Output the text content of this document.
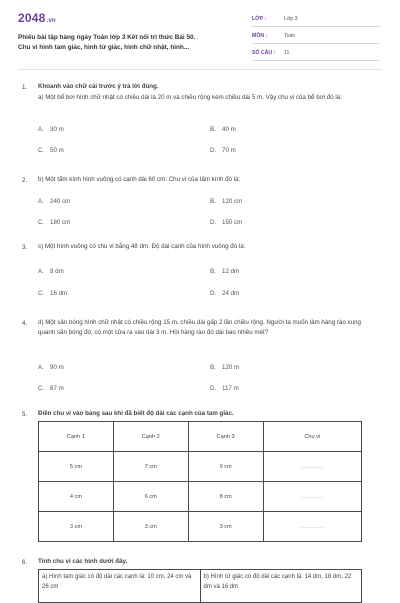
2048.vn
Phiếu bài tập hàng ngày Toán lớp 3 Kết nối tri thức Bài 50.
Chu vi hình tam giác, hình tứ giác, hình chữ nhật, hình...
LỚP :	Lớp 3
MÔN :	Toán
SỐ CÂU : 11
1. Khoanh vào chữ cái trước ý trả lời đúng.
a) Một bể bơi hình chữ nhật có chiều dài là 20 m và chiều rộng kém chiều dài 5 m. Vậy chu vi của bể bơi đó là:
A. 30 m	B. 40 m
C. 50 m	D. 70 m
2. b) Một tấm kính hình vuông có cạnh dài 60 cm. Chu vi của tấm kính đó là:
A. 240 cm	B. 120 cm
C. 180 cm	D. 150 cm
3. c) Một hình vuông có chu vi bằng 48 dm. Độ dài cạnh của hình vuông đó là:
A. 8 dm	B. 12 dm
C. 16 dm	D. 24 dm
4. d) Một sân bóng hình chữ nhật có chiều rộng 15 m, chiều dài gấp 2 lần chiều rộng. Người ta muốn làm hàng rào xung quanh sân bóng đó, có một cửa ra vào dài 3 m. Hỏi hàng rào đó dài bao nhiêu mét?
A. 90 m	B. 120 m
C. 87 m	D. 117 m
5. Điền chu vi vào bảng sau khi đã biết độ dài các cạnh của tam giác.
Cạnh 1	Cạnh 2	Cạnh 3	Chu vi
5 cm	7 cm	9 cm	............
4 cm	6 cm	8 cm	............
3 cm	3 cm	3 cm	............
6. Tính chu vi các hình dưới đây.
a) Hình tam giác có độ dài các cạnh là: 10 cm, 24 cm và 26 cm	b) Hình tứ giác có độ dài các cạnh là: 14 dm, 18 dm, 22 dm và 16 dm
